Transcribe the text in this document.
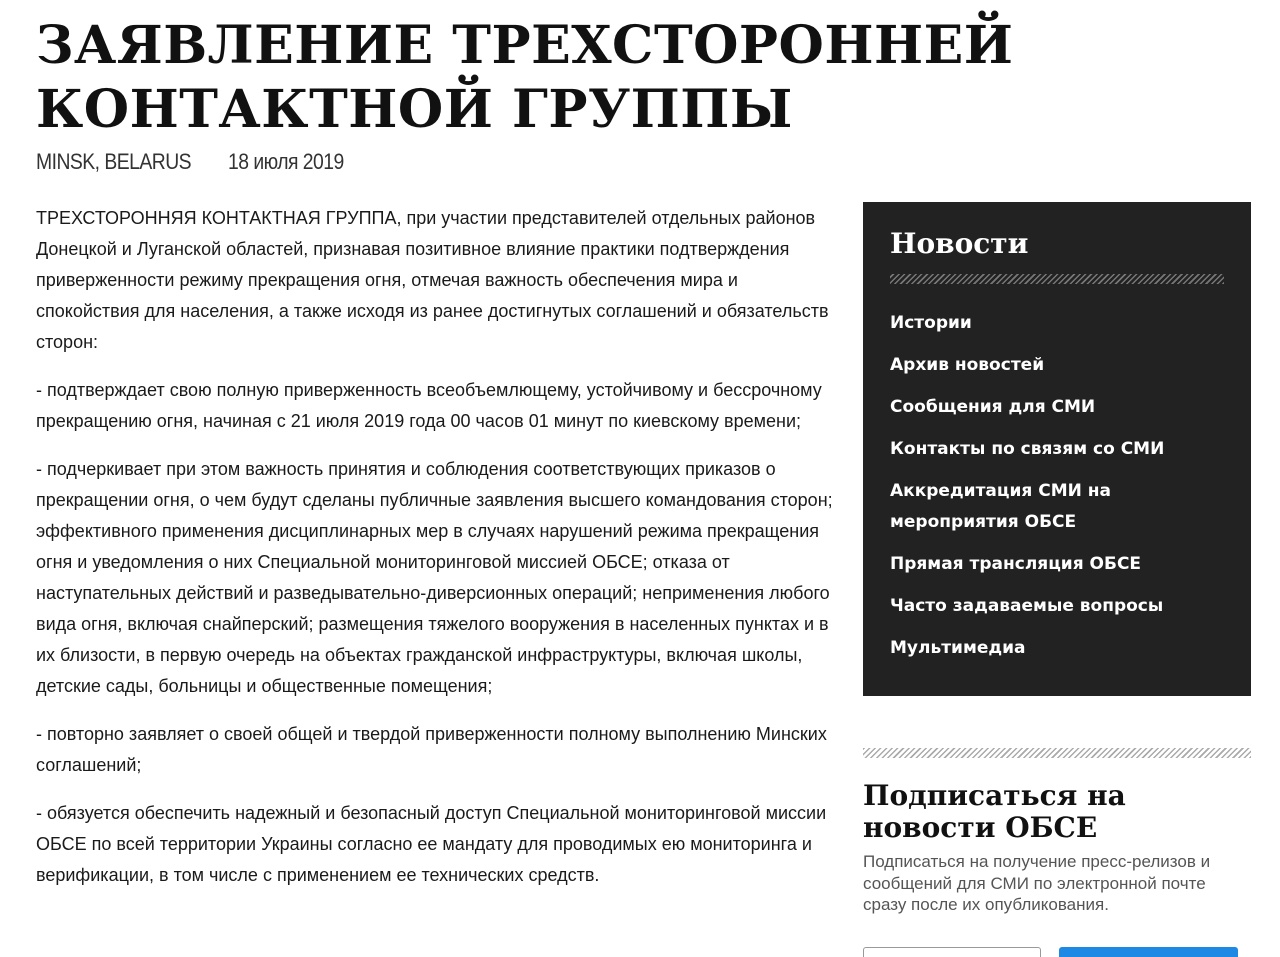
ЗАЯВЛЕНИЕ ТРЕХСТОРОННЕЙ КОНТАКТНОЙ ГРУППЫ
MINSK, BELARUS 18 июля 2019

ТРЕХСТОРОННЯЯ КОНТАКТНАЯ ГРУППА, при участии представителей отдельных районов Донецкой и Луганской областей, признавая позитивное влияние практики подтверждения приверженности режиму прекращения огня, отмечая важность обеспечения мира и спокойствия для населения, а также исходя из ранее достигнутых соглашений и обязательств сторон:

- подтверждает свою полную приверженность всеобъемлющему, устойчивому и бессрочному прекращению огня, начиная с 21 июля 2019 года 00 часов 01 минут по киевскому времени;

- подчеркивает при этом важность принятия и соблюдения соответствующих приказов о прекращении огня, о чем будут сделаны публичные заявления высшего командования сторон; эффективного применения дисциплинарных мер в случаях нарушений режима прекращения огня и уведомления о них Специальной мониторинговой миссией ОБСЕ; отказа от наступательных действий и разведывательно-диверсионных операций; неприменения любого вида огня, включая снайперский; размещения тяжелого вооружения в населенных пунктах и в их близости, в первую очередь на объектах гражданской инфраструктуры, включая школы, детские сады, больницы и общественные помещения;

- повторно заявляет о своей общей и твердой приверженности полному выполнению Минских соглашений;

- обязуется обеспечить надежный и безопасный доступ Специальной мониторинговой миссии ОБСЕ по всей территории Украины согласно ее мандату для проводимых ею мониторинга и верификации, в том числе с применением ее технических средств.

Новости
Истории
Архив новостей
Сообщения для СМИ
Контакты по связям со СМИ
Аккредитация СМИ на мероприятия ОБСЕ
Прямая трансляция ОБСЕ
Часто задаваемые вопросы
Мультимедиа
Подписаться на новости ОБСЕ

Подписаться на получение пресс-релизов и сообщений для СМИ по электронной почте сразу после их опубликования.

E-mail
